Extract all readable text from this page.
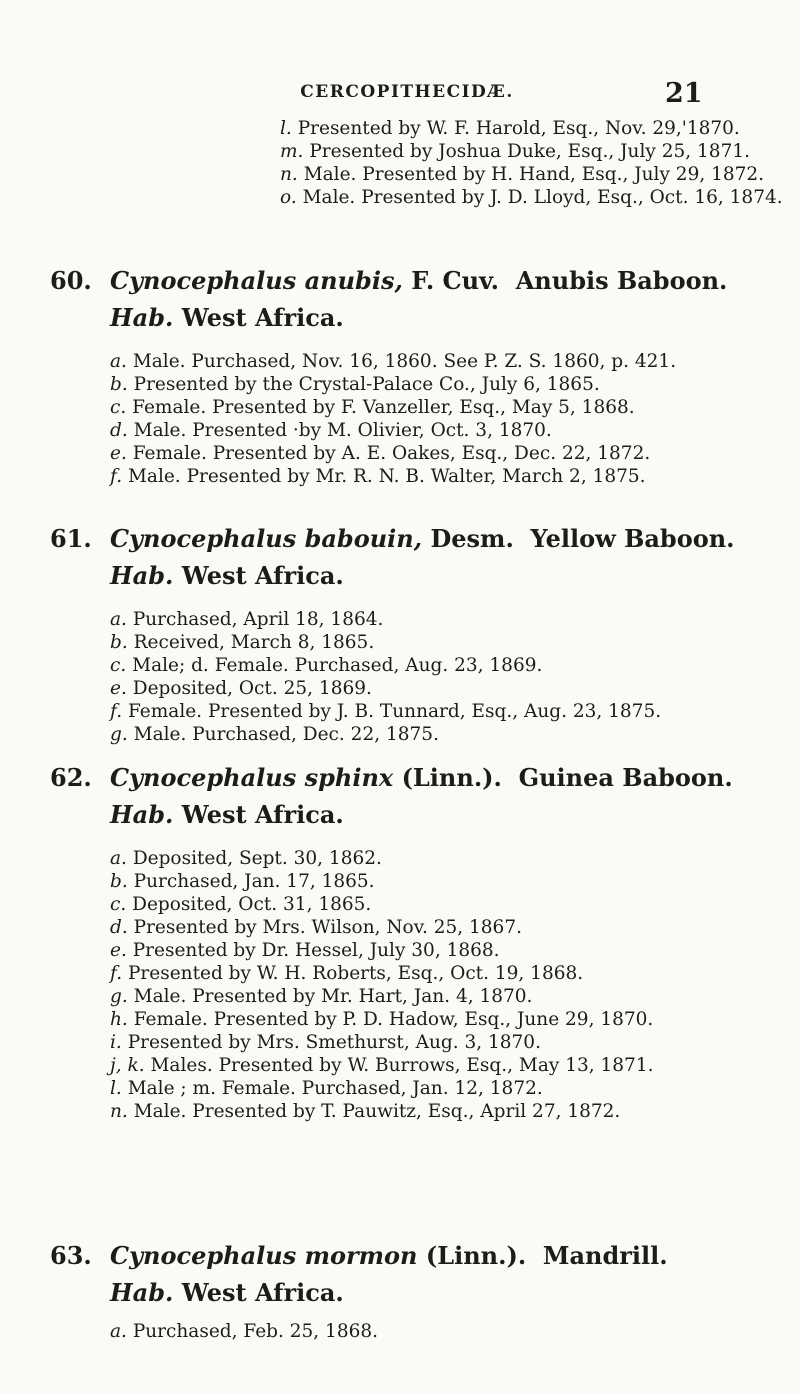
CERCOPITHECIDÆ.	21
l. Presented by W. F. Harold, Esq., Nov. 29,'1870.
m. Presented by Joshua Duke, Esq., July 25, 1871.
n. Male. Presented by H. Hand, Esq., July 29, 1872.
o. Male. Presented by J. D. Lloyd, Esq., Oct. 16, 1874.
60. Cynocephalus anubis, F. Cuv. Anubis Baboon.
Hab. West Africa.
a. Male. Purchased, Nov. 16, 1860. See P. Z. S. 1860, p. 421.
b. Presented by the Crystal-Palace Co., July 6, 1865.
c. Female. Presented by F. Vanzeller, Esq., May 5, 1868.
d. Male. Presented ·by M. Olivier, Oct. 3, 1870.
e. Female. Presented by A. E. Oakes, Esq., Dec. 22, 1872.
f. Male. Presented by Mr. R. N. B. Walter, March 2, 1875.
61. Cynocephalus babouin, Desm. Yellow Baboon.
Hab. West Africa.
a. Purchased, April 18, 1864.
b. Received, March 8, 1865.
c. Male; d. Female. Purchased, Aug. 23, 1869.
e. Deposited, Oct. 25, 1869.
f. Female. Presented by J. B. Tunnard, Esq., Aug. 23, 1875.
g. Male. Purchased, Dec. 22, 1875.
62. Cynocephalus sphinx (Linn.). Guinea Baboon.
Hab. West Africa.
a. Deposited, Sept. 30, 1862.
b. Purchased, Jan. 17, 1865.
c. Deposited, Oct. 31, 1865.
d. Presented by Mrs. Wilson, Nov. 25, 1867.
e. Presented by Dr. Hessel, July 30, 1868.
f. Presented by W. H. Roberts, Esq., Oct. 19, 1868.
g. Male. Presented by Mr. Hart, Jan. 4, 1870.
h. Female. Presented by P. D. Hadow, Esq., June 29, 1870.
i. Presented by Mrs. Smethurst, Aug. 3, 1870.
j, k. Males. Presented by W. Burrows, Esq., May 13, 1871.
l. Male ; m. Female. Purchased, Jan. 12, 1872.
n. Male. Presented by T. Pauwitz, Esq., April 27, 1872.
63. Cynocephalus mormon (Linn.). Mandrill.
Hab. West Africa.
a. Purchased, Feb. 25, 1868.
